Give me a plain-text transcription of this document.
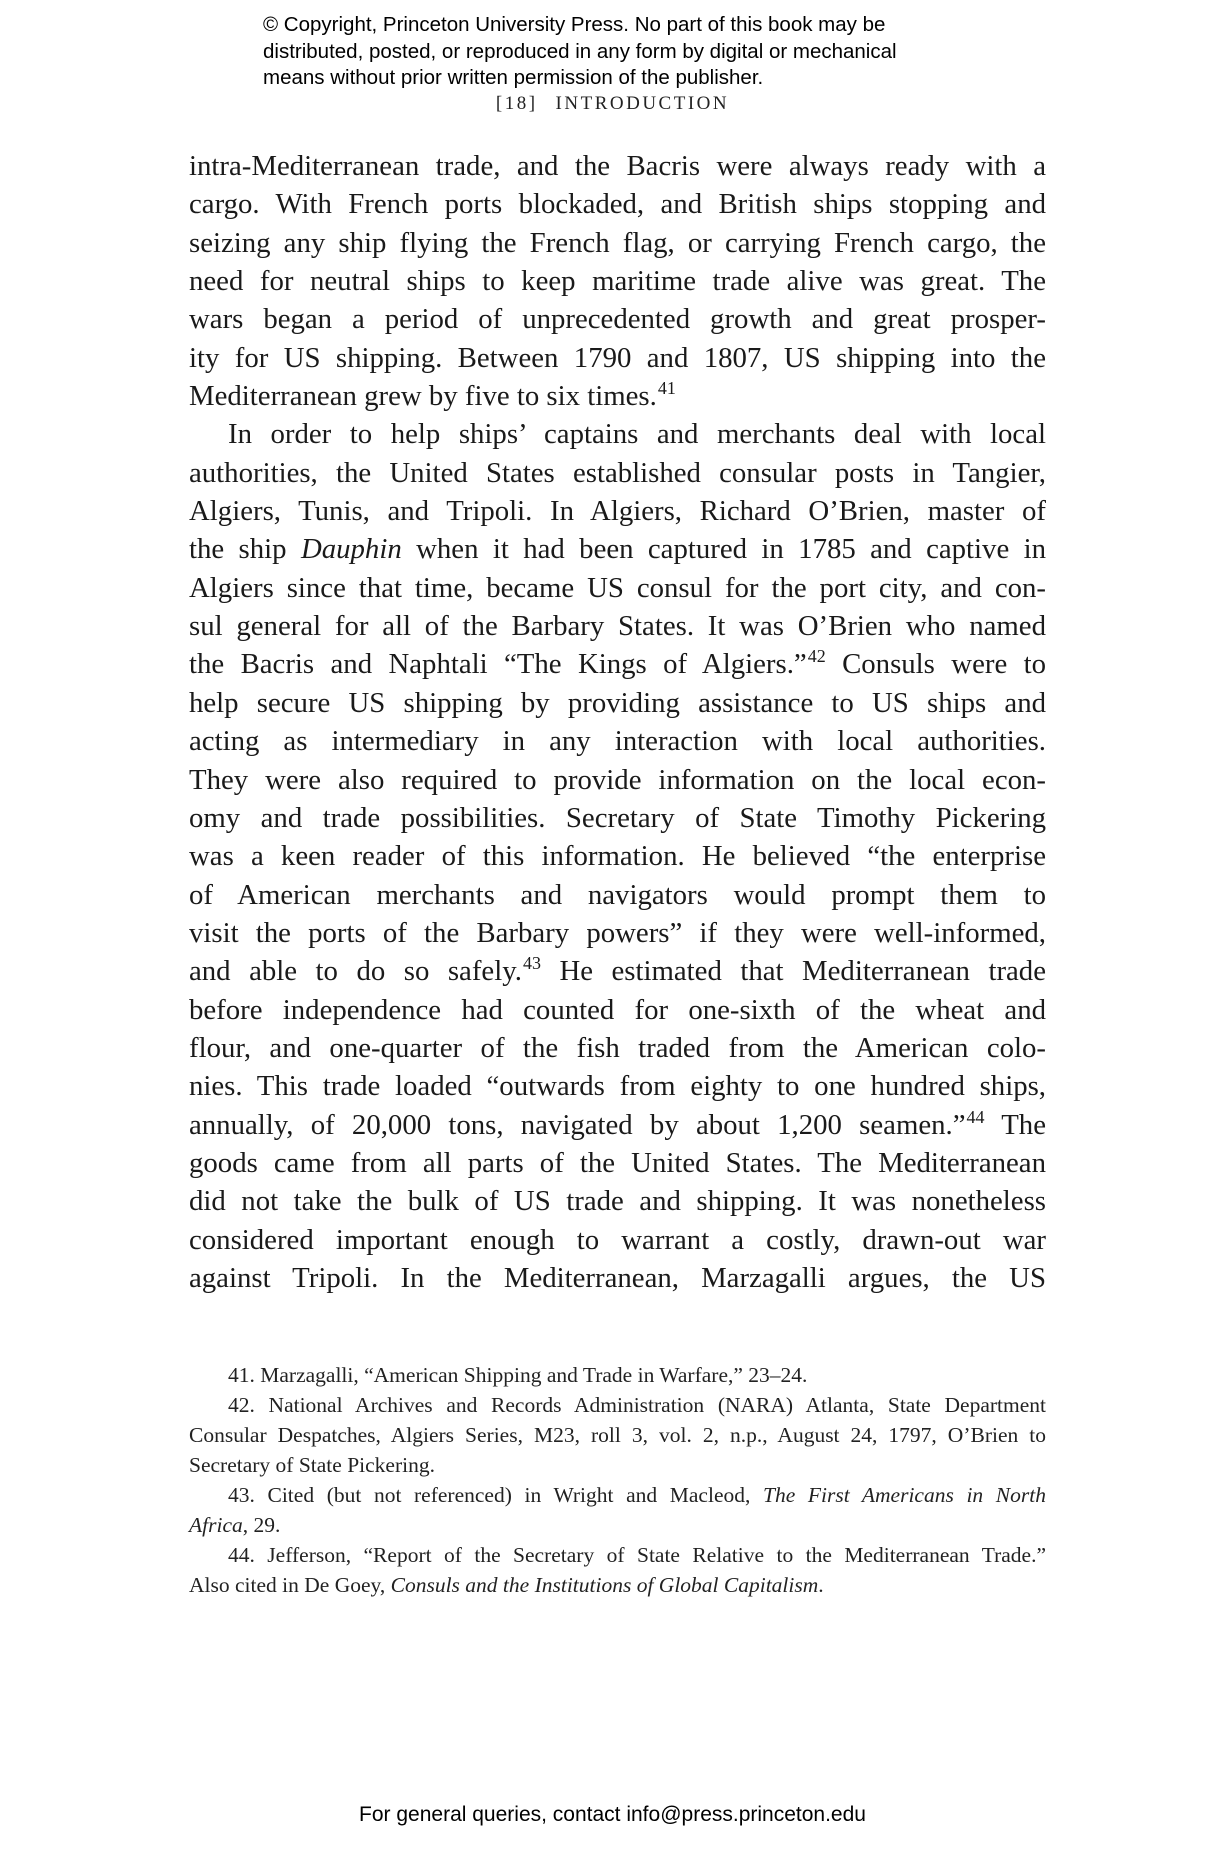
© Copyright, Princeton University Press. No part of this book may be
distributed, posted, or reproduced in any form by digital or mechanical
means without prior written permission of the publisher.
[18] INTRODUCTION
intra-Mediterranean trade, and the Bacris were always ready with a
cargo. With French ports blockaded, and British ships stopping and
seizing any ship flying the French flag, or carrying French cargo, the
need for neutral ships to keep maritime trade alive was great. The
wars began a period of unprecedented growth and great prosper-
ity for US shipping. Between 1790 and 1807, US shipping into the
Mediterranean grew by five to six times.$^{41}$
In order to help ships’ captains and merchants deal with local
authorities, the United States established consular posts in Tangier,
Algiers, Tunis, and Tripoli. In Algiers, Richard O’Brien, master of
the ship Dauphin when it had been captured in 1785 and captive in
Algiers since that time, became US consul for the port city, and con-
sul general for all of the Barbary States. It was O’Brien who named
the Bacris and Naphtali “The Kings of Algiers.”$^{42}$ Consuls were to
help secure US shipping by providing assistance to US ships and
acting as intermediary in any interaction with local authorities.
They were also required to provide information on the local econ-
omy and trade possibilities. Secretary of State Timothy Pickering
was a keen reader of this information. He believed “the enterprise
of American merchants and navigators would prompt them to
visit the ports of the Barbary powers” if they were well-informed,
and able to do so safely.$^{43}$ He estimated that Mediterranean trade
before independence had counted for one-sixth of the wheat and
flour, and one-quarter of the fish traded from the American colo-
nies. This trade loaded “outwards from eighty to one hundred ships,
annually, of 20,000 tons, navigated by about 1,200 seamen.”$^{44}$ The
goods came from all parts of the United States. The Mediterranean
did not take the bulk of US trade and shipping. It was nonetheless
considered important enough to warrant a costly, drawn-out war
against Tripoli. In the Mediterranean, Marzagalli argues, the US
41. Marzagalli, “American Shipping and Trade in Warfare,” 23–24.
42. National Archives and Records Administration (NARA) Atlanta, State Department
Consular Despatches, Algiers Series, M23, roll 3, vol. 2, n.p., August 24, 1797, O’Brien to
Secretary of State Pickering.
43. Cited (but not referenced) in Wright and Macleod, The First Americans in North
Africa, 29.
44. Jefferson, “Report of the Secretary of State Relative to the Mediterranean Trade.”
Also cited in De Goey, Consuls and the Institutions of Global Capitalism.
For general queries, contact info@press.princeton.edu
